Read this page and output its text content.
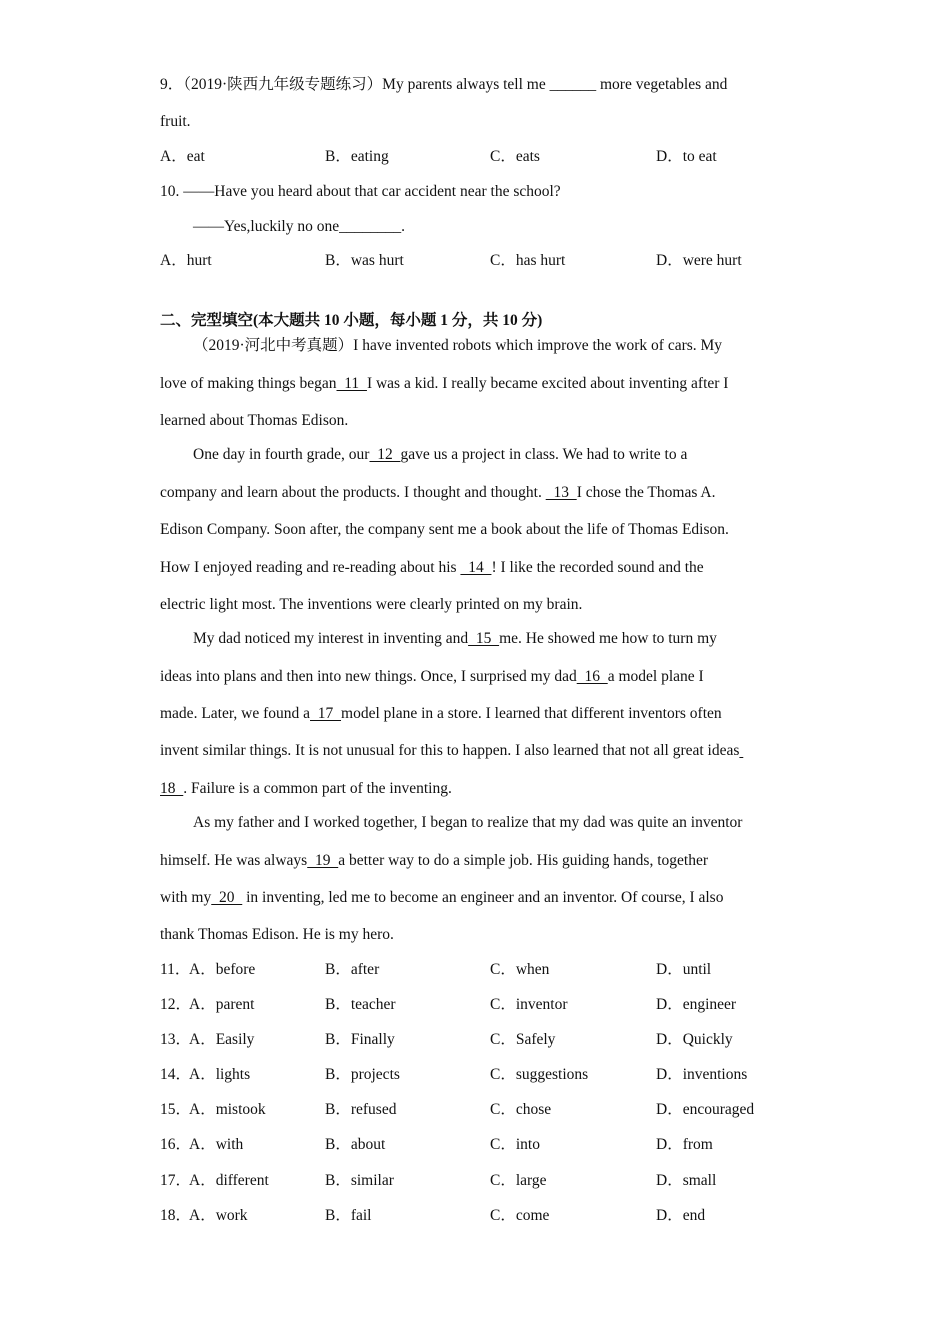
9．（2019·陕西九年级专题练习）My parents always tell me ______ more vegetables and
fruit.
A．eat	B．eating	C．eats	D．to eat
10. ——Have you heard about that car accident near the school?
——Yes,luckily no one________.
A．hurt	B．was hurt	C．has hurt	D．were hurt
二、完型填空(本大题共 10 小题，每小题 1 分，共 10 分)
（2019·河北中考真题）I have invented robots which improve the work of cars. My
love of making things began  11  I was a kid. I really became excited about inventing after I
learned about Thomas Edison.
One day in fourth grade, our  12  gave us a project in class. We had to write to a
company and learn about the products. I thought and thought.   13  I chose the Thomas A.
Edison Company. Soon after, the company sent me a book about the life of Thomas Edison.
How I enjoyed reading and re-reading about his   14  ! I like the recorded sound and the
electric light most. The inventions were clearly printed on my brain.
My dad noticed my interest in inventing and  15  me. He showed me how to turn my
ideas into plans and then into new things. Once, I surprised my dad  16  a model plane I
made. Later, we found a  17  model plane in a store. I learned that different inventors often
invent similar things. It is not unusual for this to happen. I also learned that not all great ideas
18  . Failure is a common part of the inventing.
As my father and I worked together, I began to realize that my dad was quite an inventor
himself. He was always  19  a better way to do a simple job. His guiding hands, together
with my  20   in inventing, led me to become an engineer and an inventor. Of course, I also
thank Thomas Edison. He is my hero.
11．
A．before	B．after	C．when	D．until
12．
A．parent	B．teacher	C．inventor	D．engineer
13．
A．Easily	B．Finally	C．Safely	D．Quickly
14．
A．lights	B．projects	C．suggestions	D．inventions
15．
A．mistook	B．refused	C．chose	D．encouraged
16．
A．with	B．about	C．into	D．from
17．
A．different	B．similar	C．large	D．small
18．
A．work	B．fail	C．come	D．end
